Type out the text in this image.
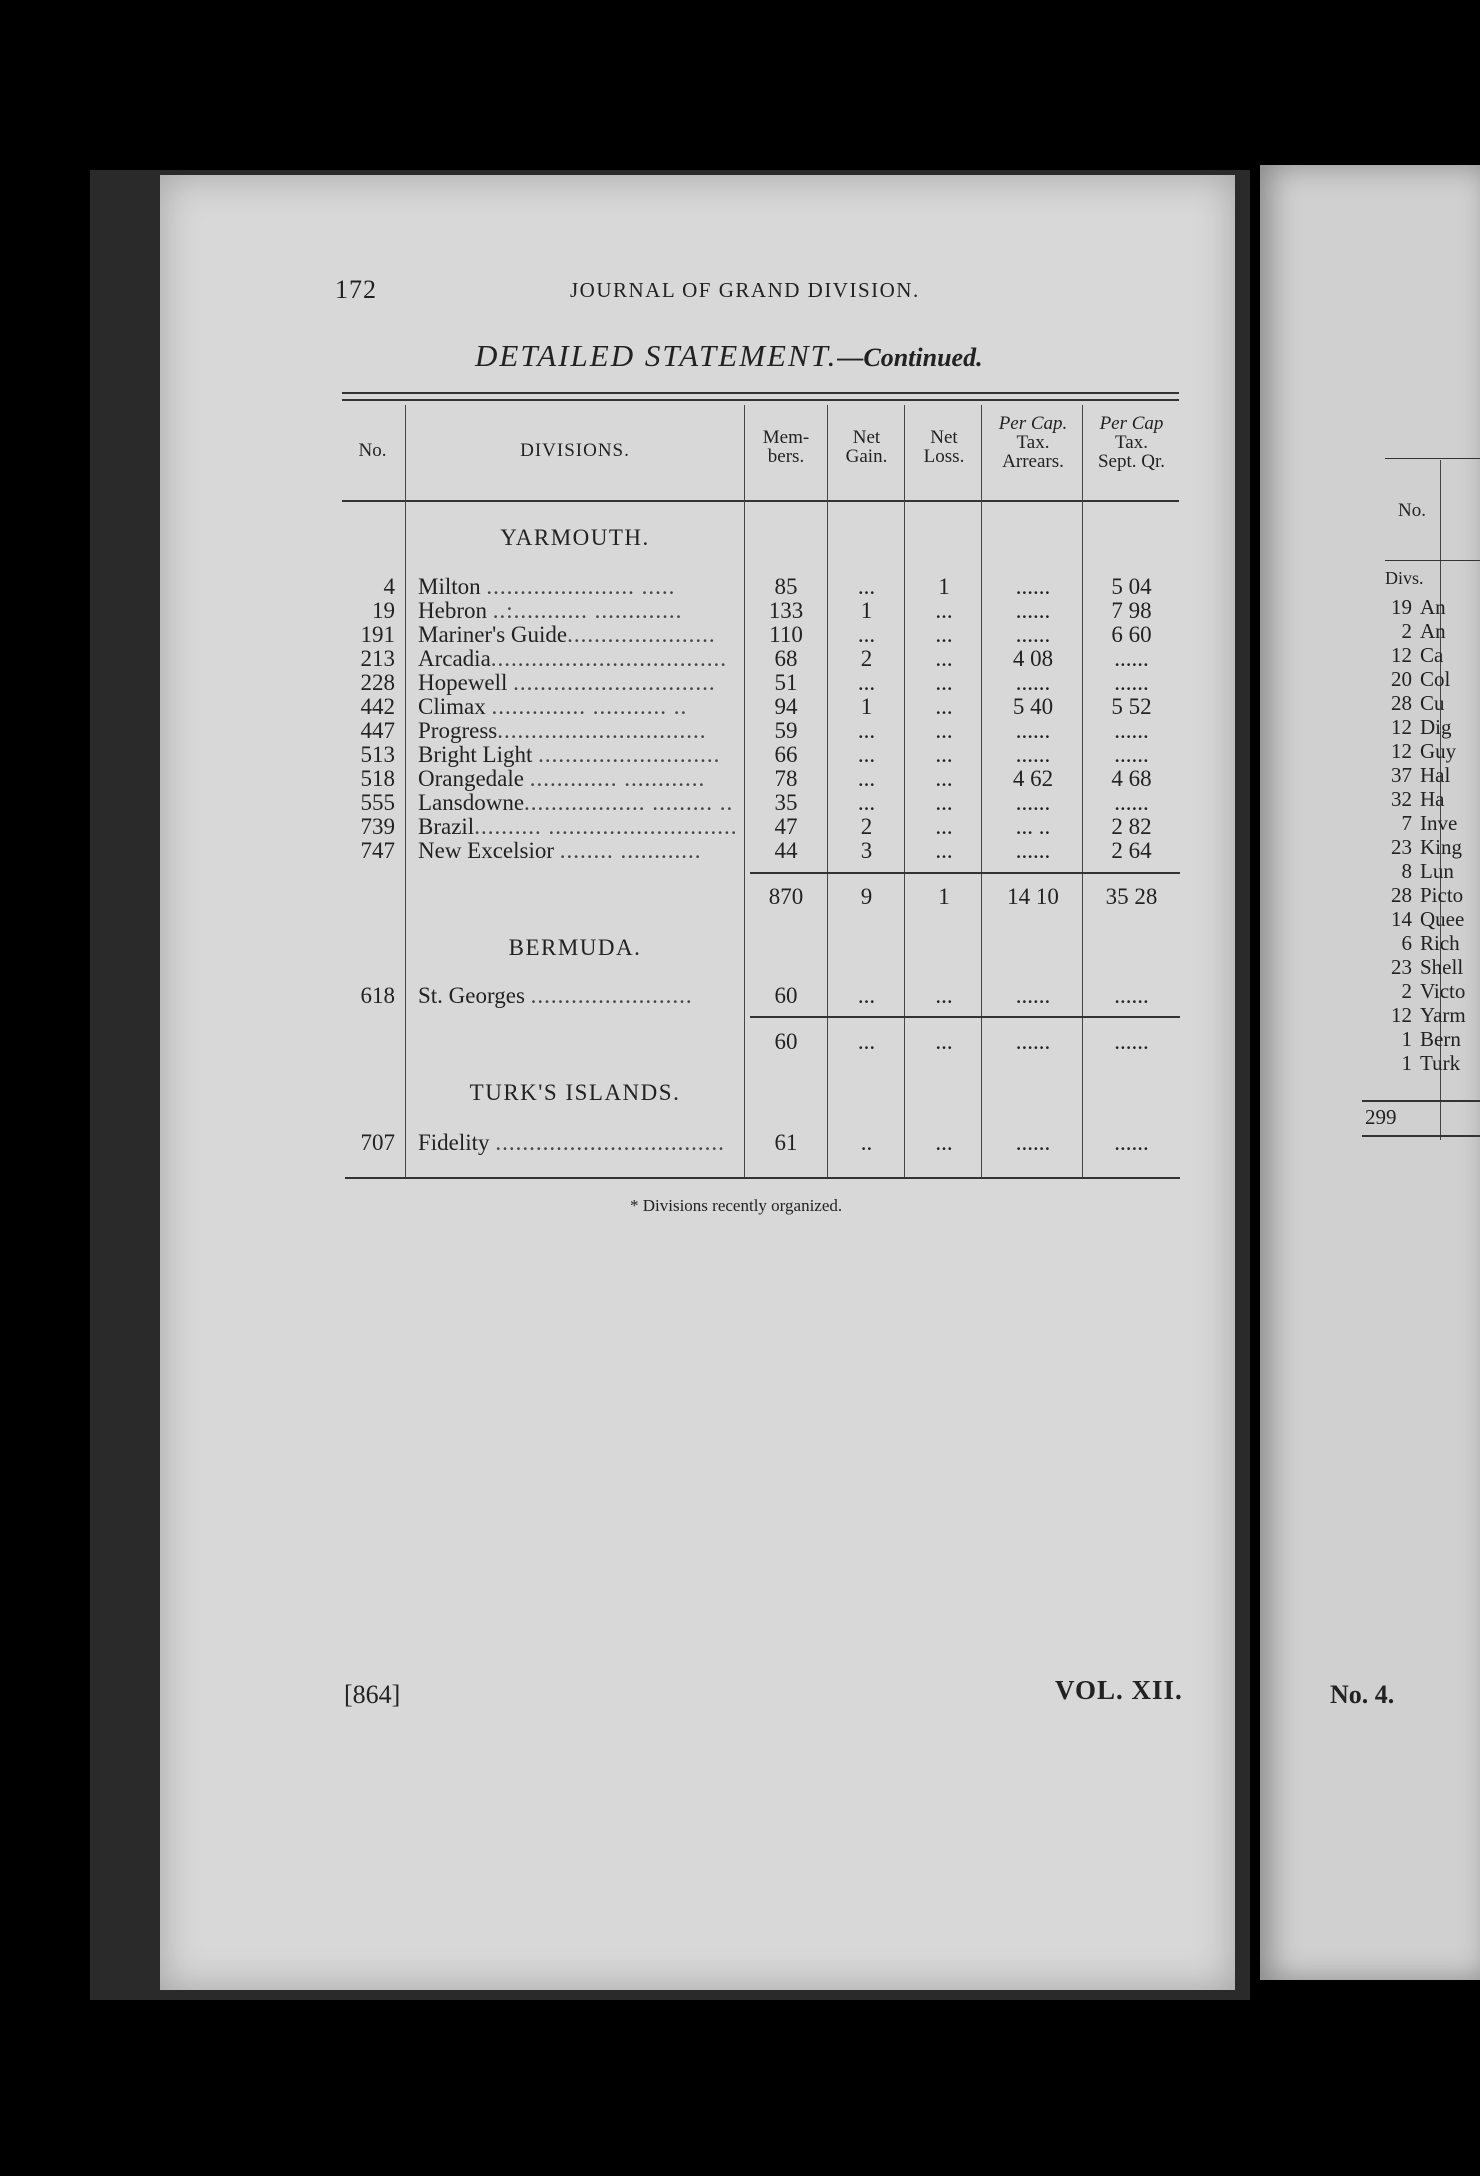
172	JOURNAL OF GRAND DIVISION.
DETAILED STATEMENT.—Continued.
No.	DIVISIONS.
Mem-
bers.
Net
Gain.
Net
Loss.
Per Cap.
Tax.
Arrears.
Per Cap
Tax.
Sept. Qr.
YARMOUTH.
4 Milton ...................... .....	85	...	1	......	5 04
19 Hebron ..:........... .............	133	1	...	......	7 98
191 Mariner's Guide......................	110	...	...	......	6 60
213 Arcadia...................................	68	2	...	4 08	......
228 Hopewell ..............................	51	...	...	......	......
442 Climax .............. ........... ..	94	1	...	5 40	5 52
447 Progress...............................	59	...	...	......	......
513 Bright Light ...........................	66	...	...	......	......
518 Orangedale ............. ............	78	...	...	4 62	4 68
555 Lansdowne.................. ......... ..	35	...	...	......	......
739 Brazil.......... ............................	47	2	...	... ..	2 82
747 New Excelsior ........ ............	44	3	...	......	2 64
870	9	1	14 10	35 28
BERMUDA.
618 St. Georges ........................	60	...	...	......	......
60	...	...	......	......
TURK'S ISLANDS.
707 Fidelity ..................................	61	..	...	......	......
* Divisions recently organized.
[864]	VOL. XII.	No. 4.
No.
Divs.
19 An
2 An
12 Ca
20 Col
28 Cu
12 Dig
12 Guy
37 Hal
32 Ha
7 Inve
23 King
8 Lun
28 Picto
14 Quee
6 Rich
23 Shell
2 Victo
12 Yarm
1 Bern
1 Turk
299
